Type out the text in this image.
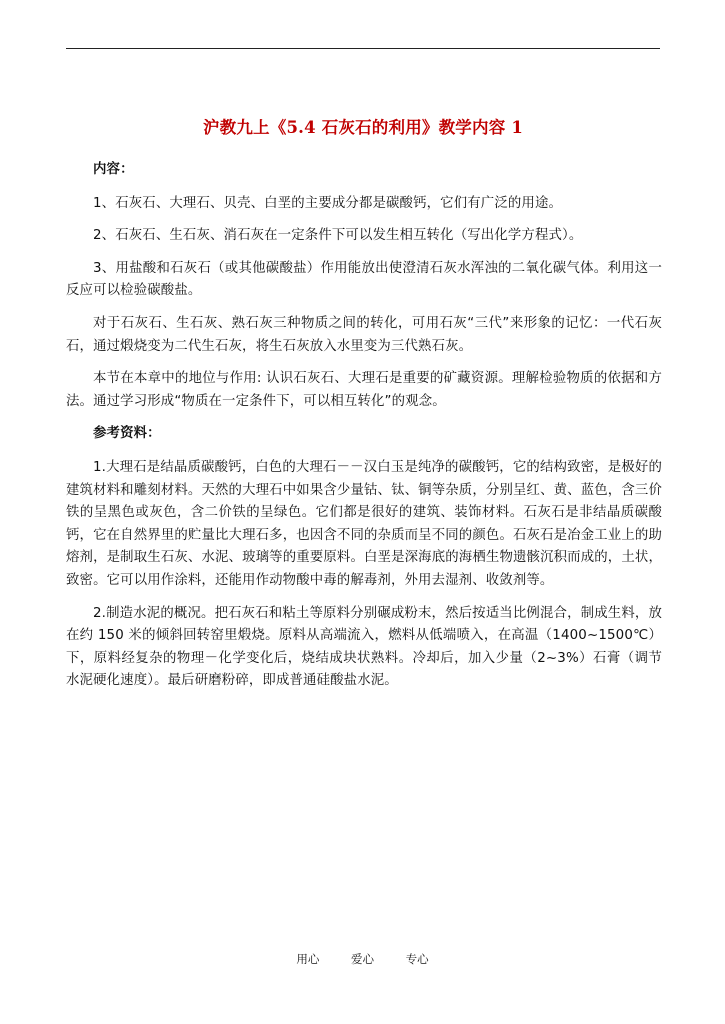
沪教九上《5.4 石灰石的利用》教学内容 1

内容：

1、石灰石、大理石、贝壳、白垩的主要成分都是碳酸钙，它们有广泛的用途。

2、石灰石、生石灰、消石灰在一定条件下可以发生相互转化（写出化学方程式）。

3、用盐酸和石灰石（或其他碳酸盐）作用能放出使澄清石灰水浑浊的二氧化碳气体。利用这一反应可以检验碳酸盐。

对于石灰石、生石灰、熟石灰三种物质之间的转化，可用石灰“三代”来形象的记忆：一代石灰石，通过煅烧变为二代生石灰，将生石灰放入水里变为三代熟石灰。

本节在本章中的地位与作用: 认识石灰石、大理石是重要的矿藏资源。理解检验物质的依据和方法。通过学习形成“物质在一定条件下，可以相互转化”的观念。

参考资料：

1.大理石是结晶质碳酸钙，白色的大理石－－汉白玉是纯净的碳酸钙，它的结构致密，是极好的建筑材料和雕刻材料。天然的大理石中如果含少量钴、钛、铜等杂质，分别呈红、黄、蓝色，含三价铁的呈黑色或灰色，含二价铁的呈绿色。它们都是很好的建筑、装饰材料。石灰石是非结晶质碳酸钙，它在自然界里的贮量比大理石多，也因含不同的杂质而呈不同的颜色。石灰石是冶金工业上的助熔剂，是制取生石灰、水泥、玻璃等的重要原料。白垩是深海底的海栖生物遗骸沉积而成的，土状，致密。它可以用作涂料，还能用作动物酸中毒的解毒剂，外用去湿剂、收敛剂等。

2.制造水泥的概况。把石灰石和粘土等原料分别碾成粉末，然后按适当比例混合，制成生料，放在约 150 米的倾斜回转窑里煅烧。原料从高端流入，燃料从低端喷入，在高温（1400~1500℃）下，原料经复杂的物理－化学变化后，烧结成块状熟料。冷却后，加入少量（2~3%）石膏（调节水泥硬化速度）。最后研磨粉碎，即成普通硅酸盐水泥。

用心	爱心	专心
